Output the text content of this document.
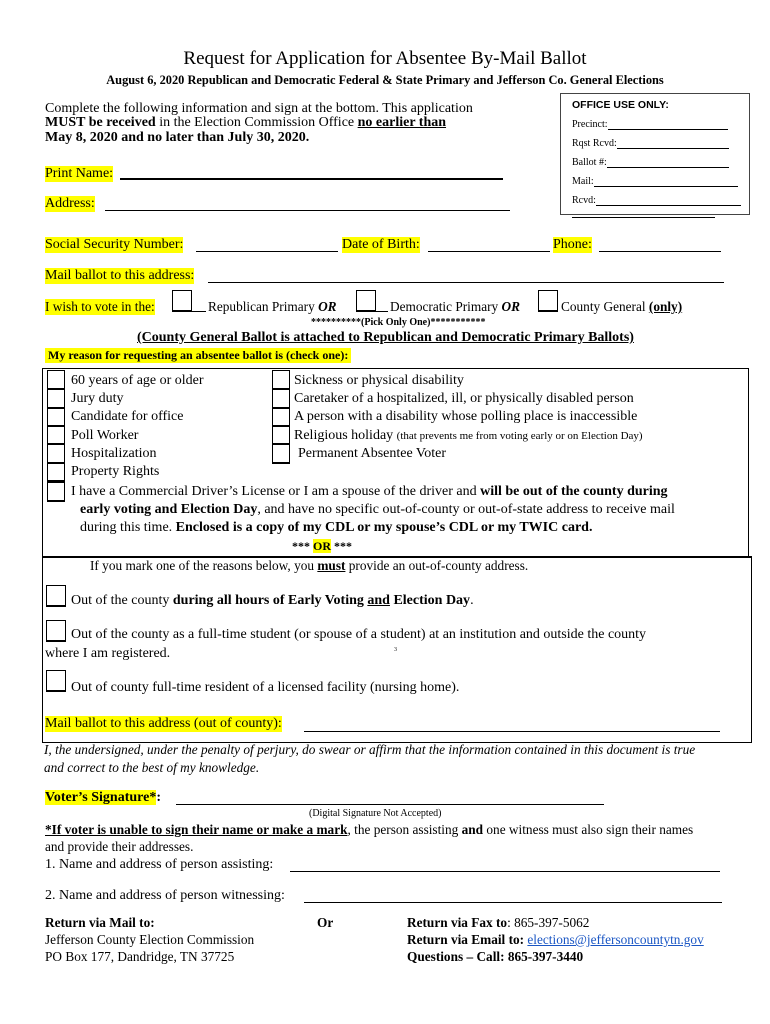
Request for Application for Absentee By-Mail Ballot
August 6, 2020 Republican and Democratic Federal & State Primary and Jefferson Co. General Elections
Complete the following information and sign at the bottom. This application
MUST be received in the Election Commission Office no earlier than
May 8, 2020 and no later than July 30, 2020.
OFFICE USE ONLY:
Precinct:
Rqst Rcvd:
Ballot #:
Mail:
Rcvd:
Print Name:
Address:
Social Security Number:	Date of Birth:	Phone:
Mail ballot to this address:
I wish to vote in the:	Republican Primary OR	Democratic Primary OR	County General (only)
**********(Pick Only One)***********
(County General Ballot is attached to Republican and Democratic Primary Ballots)
My reason for requesting an absentee ballot is (check one):
60 years of age or older
Jury duty
Candidate for office
Poll Worker
Hospitalization
Property Rights
Sickness or physical disability
Caretaker of a hospitalized, ill, or physically disabled person
A person with a disability whose polling place is inaccessible
Religious holiday (that prevents me from voting early or on Election Day)
Permanent Absentee Voter
I have a Commercial Driver’s License or I am a spouse of the driver and will be out of the county during
early voting and Election Day, and have no specific out-of-county or out-of-state address to receive mail
during this time. Enclosed is a copy of my CDL or my spouse’s CDL or my TWIC card.
*** OR ***
If you mark one of the reasons below, you must provide an out-of-county address.
Out of the county during all hours of Early Voting and Election Day.
Out of the county as a full-time student (or spouse of a student) at an institution and outside the county
where I am registered.	3
Out of county full-time resident of a licensed facility (nursing home).
Mail ballot to this address (out of county):
I, the undersigned, under the penalty of perjury, do swear or affirm that the information contained in this document is true
and correct to the best of my knowledge.
Voter’s Signature*:
(Digital Signature Not Accepted)
*If voter is unable to sign their name or make a mark, the person assisting and one witness must also sign their names
and provide their addresses.
1. Name and address of person assisting:
2. Name and address of person witnessing:
Return via Mail to:
Jefferson County Election Commission
PO Box 177, Dandridge, TN 37725
Or	Return via Fax to: 865-397-5062
Return via Email to: elections@jeffersoncountytn.gov
Questions – Call: 865-397-3440
